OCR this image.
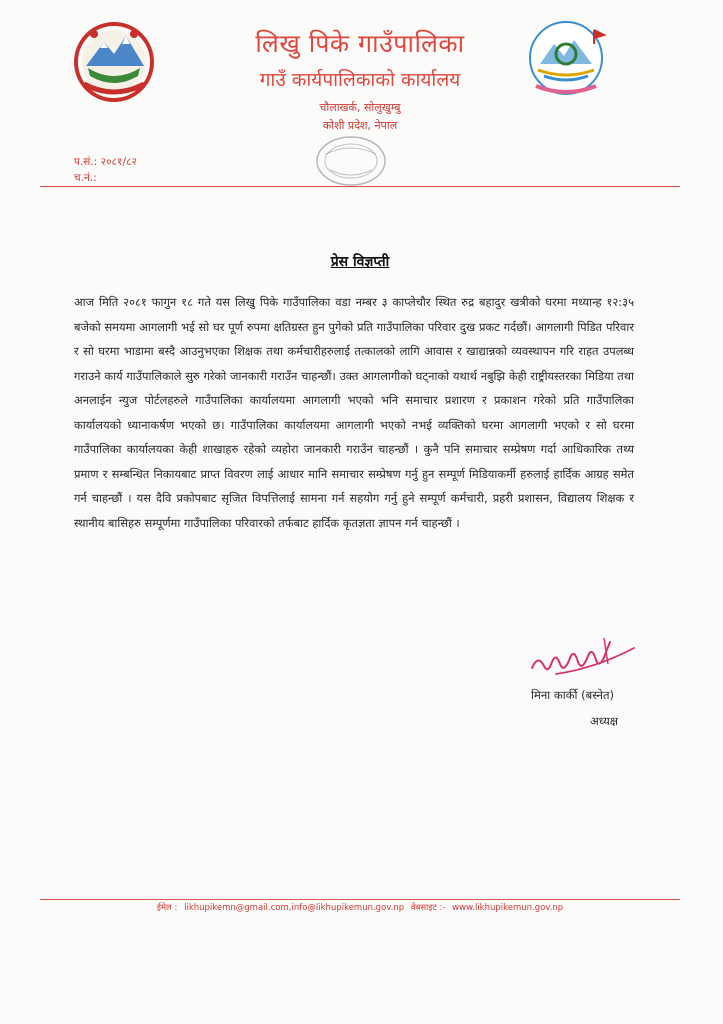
लिखु पिके गाउँपालिका
गाउँ कार्यपालिकाको कार्यालय
चौलाखर्क, सोलुखुम्बु
कोशी प्रदेश, नेपाल
प.सं.: २०८१/८२
च.नं.:
प्रेस विज्ञप्ती
आज मिति २०८१ फागुन १८ गते यस लिखु पिके गाउँपालिका वडा नम्बर ३ काप्लेचौर स्थित रुद्र बहादुर खत्रीको घरमा मध्यान्ह १२:३५ बजेको समयमा आगलागी भई सो घर पूर्ण रुपमा क्षतिग्रस्त हुन पुगेको प्रति गाउँपालिका परिवार दुख प्रकट गर्दछौं। आगलागी पिडित परिवार र सो घरमा भाडामा बस्दै आउनुभएका शिक्षक तथा कर्मचारीहरुलाई तत्कालको लागि आवास र खाद्यान्नको व्यवस्थापन गरि राहत उपलब्ध गराउने कार्य गाउँपालिकाले सुरु गरेको जानकारी गराउँन चाहन्छौं। उक्त आगलागीको घट्नाको यथार्थ नबुझि केही राष्ट्रीयस्तरका मिडिया तथा अनलाईन न्युज पोर्टलहरुले गाउँपालिका कार्यालयमा आगलागी भएको भनि समाचार प्रशारण र प्रकाशन गरेको प्रति गाउँपालिका कार्यालयको ध्यानाकर्षण भएको छ। गाउँपालिका कार्यालयमा आगलागी भएको नभई व्यक्तिको घरमा आगलागी भएको र सो घरमा गाउँपालिका कार्यालयका केही शाखाहरु रहेको व्यहोरा जानकारी गराउँन चाहन्छौं । कुनै पनि समाचार सम्प्रेषण गर्दा आधिकारिक तथ्य प्रमाण र सम्बन्धित निकायबाट प्राप्त विवरण लाई आधार मानि समाचार सम्प्रेषण गर्नु हुन सम्पूर्ण मिडियाकर्मी हरुलाई हार्दिक आग्रह समेत गर्न चाहन्छौं । यस दैवि प्रकोपबाट सृजित विपत्तिलाई सामना गर्न सहयोग गर्नु हुने सम्पूर्ण कर्मचारी, प्रहरी प्रशासन, विद्यालय शिक्षक र स्थानीय बासिहरु सम्पूर्णमा गाउँपालिका परिवारको तर्फबाट हार्दिक कृतज्ञता ज्ञापन गर्न चाहन्छौं ।
मिना कार्की (बस्नेत)
अध्यक्ष
ईमेल : likhupikemn@gmail.com,info@likhupikemun.gov.np वेबसाइट :- www.likhupikemun.gov.np
